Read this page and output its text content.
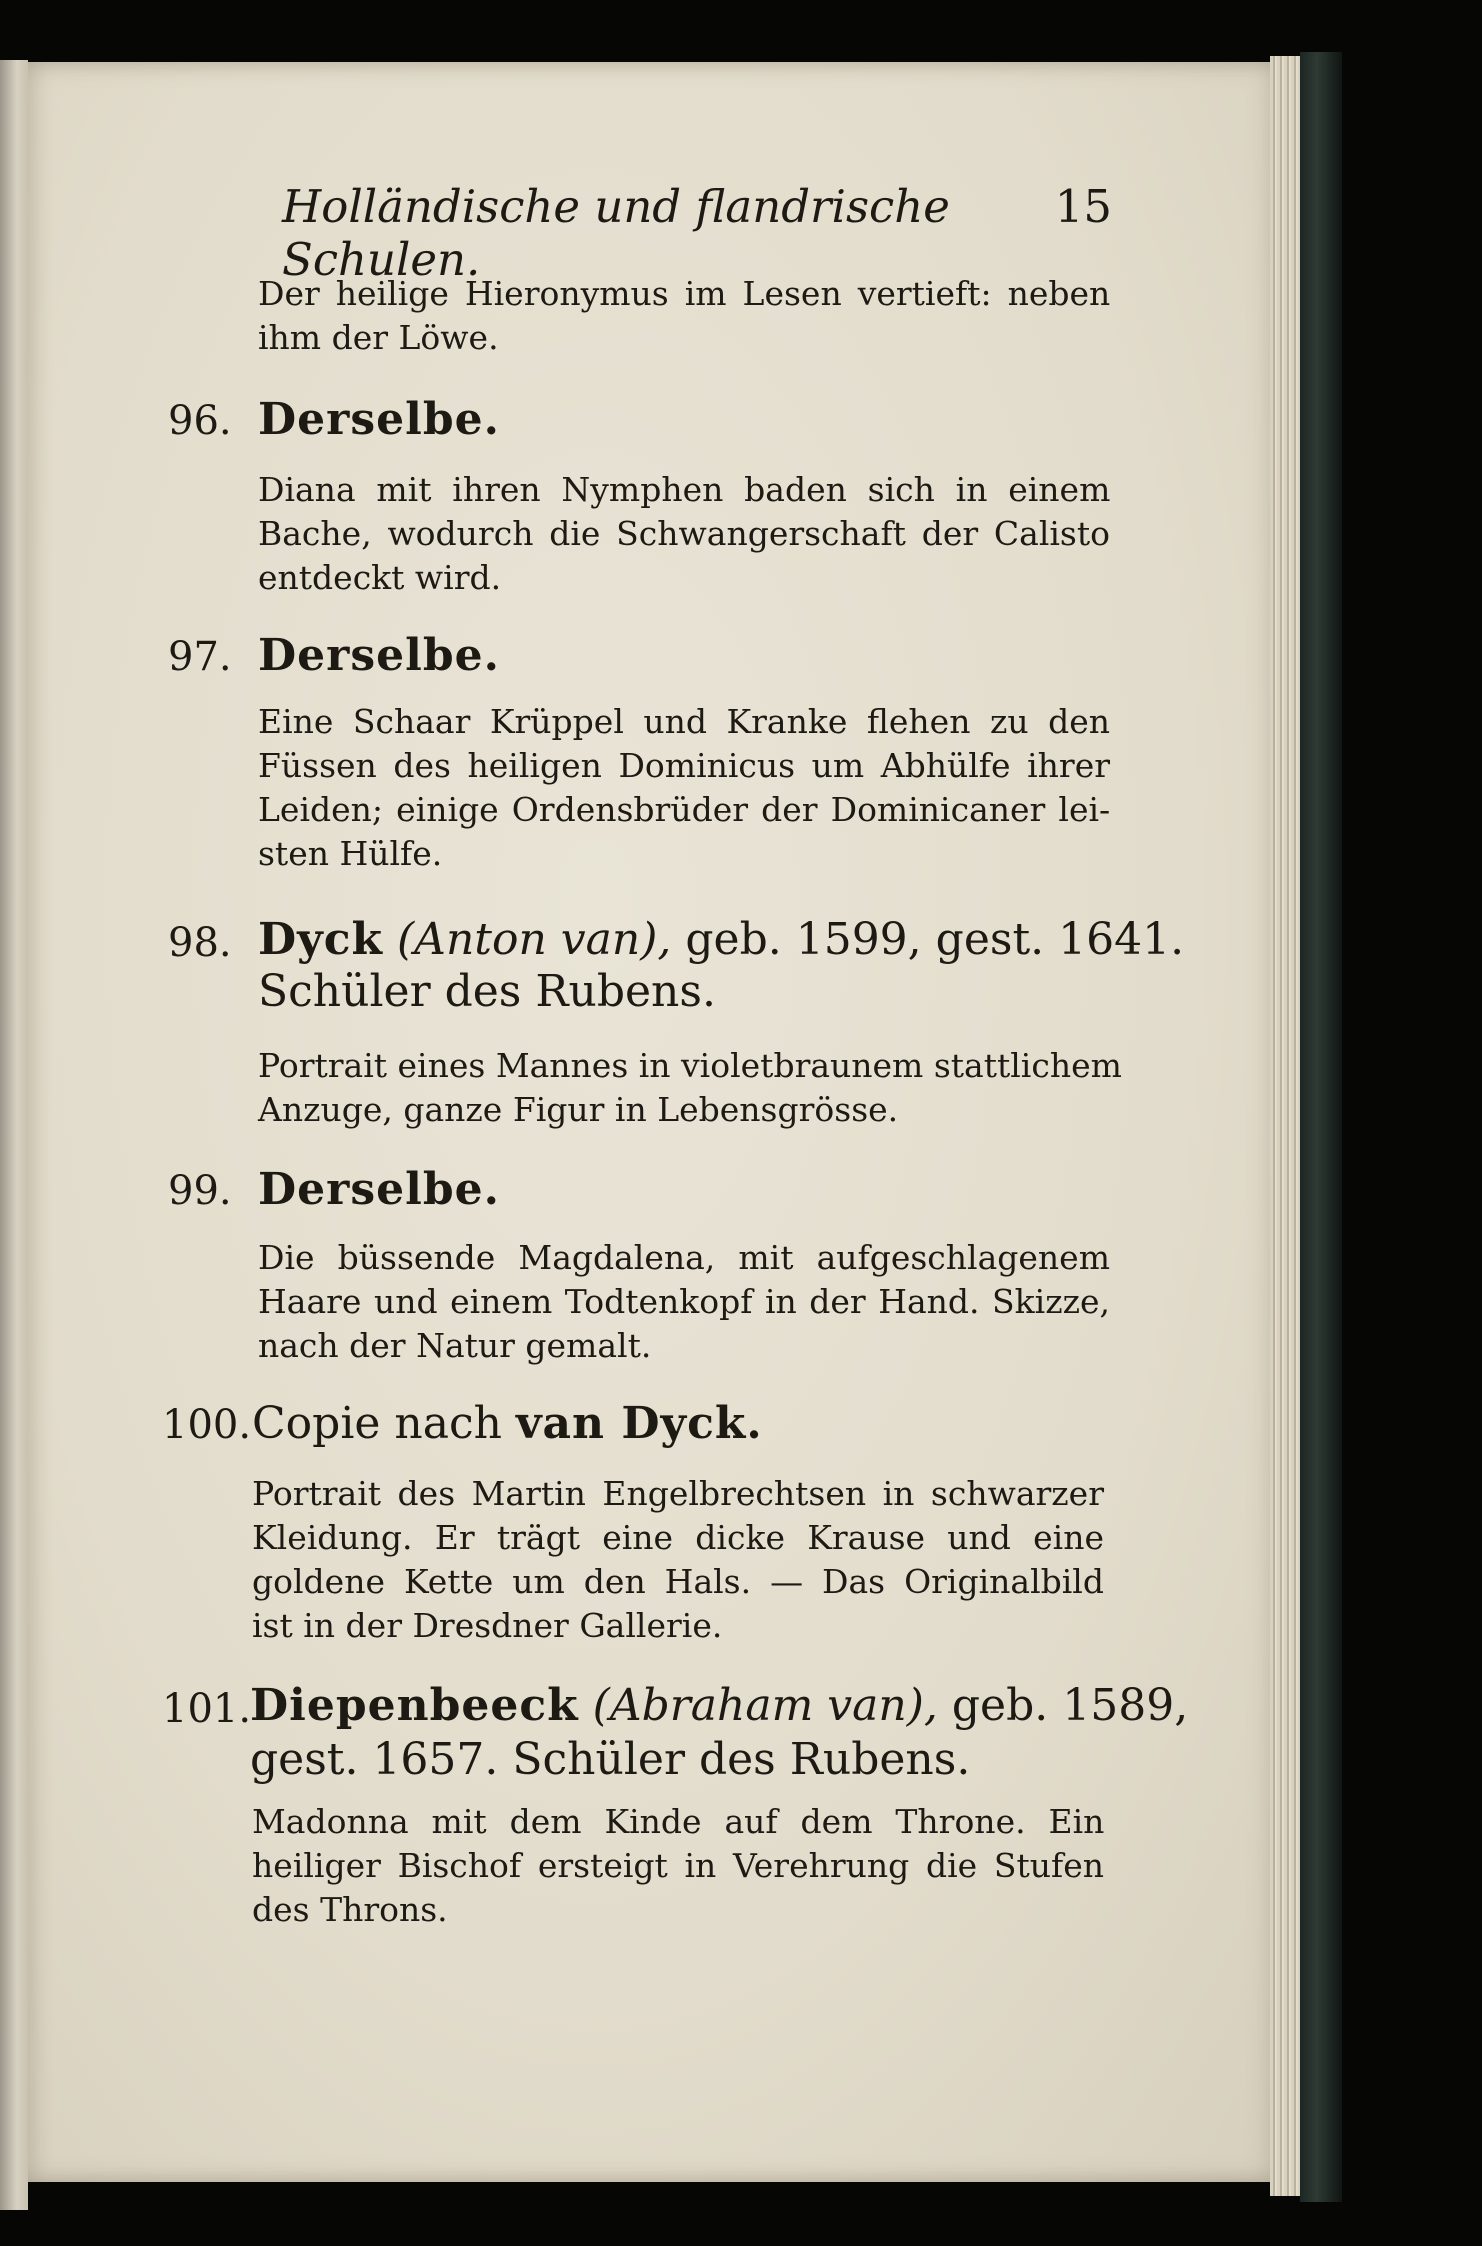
Holländische und flandrische Schulen.
15
Der heilige Hieronymus im Lesen vertieft: neben
ihm der Löwe.
96. Derselbe.
Diana mit ihren Nymphen baden sich in einem
Bache, wodurch die Schwangerschaft der Calisto
entdeckt wird.
97. Derselbe.
Eine Schaar Krüppel und Kranke flehen zu den
Füssen des heiligen Dominicus um Abhülfe ihrer
Leiden; einige Ordensbrüder der Dominicaner lei-
sten Hülfe.
98. Dyck (Anton van), geb. 1599, gest. 1641.
Schüler des Rubens.
Portrait eines Mannes in violetbraunem stattlichem
Anzuge, ganze Figur in Lebensgrösse.
99. Derselbe.
Die büssende Magdalena, mit aufgeschlagenem
Haare und einem Todtenkopf in der Hand. Skizze,
nach der Natur gemalt.
100. Copie nach van Dyck.
Portrait des Martin Engelbrechtsen in schwarzer
Kleidung. Er trägt eine dicke Krause und eine
goldene Kette um den Hals. — Das Originalbild
ist in der Dresdner Gallerie.
101.
Diepenbeeck (Abraham van), geb. 1589,
gest. 1657. Schüler des Rubens.
Madonna mit dem Kinde auf dem Throne. Ein
heiliger Bischof ersteigt in Verehrung die Stufen
des Throns.
